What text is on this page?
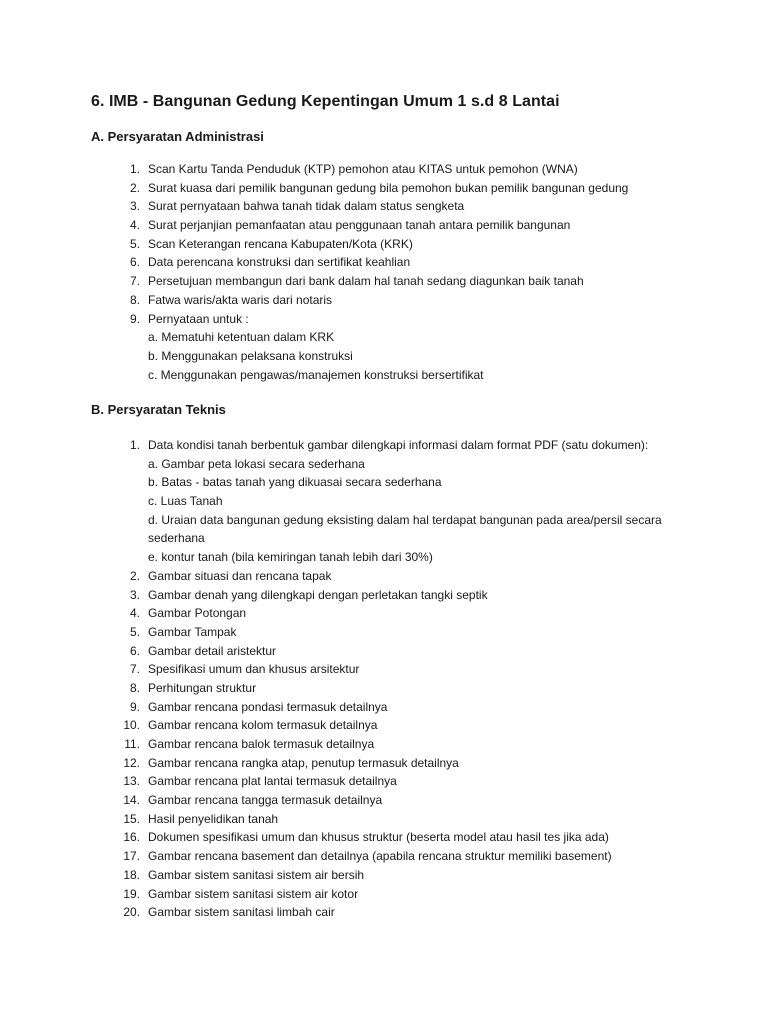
6. IMB - Bangunan Gedung Kepentingan Umum 1 s.d 8 Lantai
A. Persyaratan Administrasi
1. Scan Kartu Tanda Penduduk (KTP) pemohon atau KITAS untuk pemohon (WNA)
2. Surat kuasa dari pemilik bangunan gedung bila pemohon bukan pemilik bangunan gedung
3. Surat pernyataan bahwa tanah tidak dalam status sengketa
4. Surat perjanjian pemanfaatan atau penggunaan tanah antara pemilik bangunan
5. Scan Keterangan rencana Kabupaten/Kota (KRK)
6. Data perencana konstruksi dan sertifikat keahlian
7. Persetujuan membangun dari bank dalam hal tanah sedang diagunkan baik tanah
8. Fatwa waris/akta waris dari notaris
9. Pernyataan untuk :
a. Mematuhi ketentuan dalam KRK
b. Menggunakan pelaksana konstruksi
c. Menggunakan pengawas/manajemen konstruksi bersertifikat
B. Persyaratan Teknis
1. Data kondisi tanah berbentuk gambar dilengkapi informasi dalam format PDF (satu dokumen):
a. Gambar peta lokasi secara sederhana
b. Batas - batas tanah yang dikuasai secara sederhana
c. Luas Tanah
d. Uraian data bangunan gedung eksisting dalam hal terdapat bangunan pada area/persil secara
sederhana
e. kontur tanah (bila kemiringan tanah lebih dari 30%)
2. Gambar situasi dan rencana tapak
3. Gambar denah yang dilengkapi dengan perletakan tangki septik
4. Gambar Potongan
5. Gambar Tampak
6. Gambar detail aristektur
7. Spesifikasi umum dan khusus arsitektur
8. Perhitungan struktur
9. Gambar rencana pondasi termasuk detailnya
10. Gambar rencana kolom termasuk detailnya
11. Gambar rencana balok termasuk detailnya
12. Gambar rencana rangka atap, penutup termasuk detailnya
13. Gambar rencana plat lantai termasuk detailnya
14. Gambar rencana tangga termasuk detailnya
15. Hasil penyelidikan tanah
16. Dokumen spesifikasi umum dan khusus struktur (beserta model atau hasil tes jika ada)
17. Gambar rencana basement dan detailnya (apabila rencana struktur memiliki basement)
18. Gambar sistem sanitasi sistem air bersih
19. Gambar sistem sanitasi sistem air kotor
20. Gambar sistem sanitasi limbah cair
